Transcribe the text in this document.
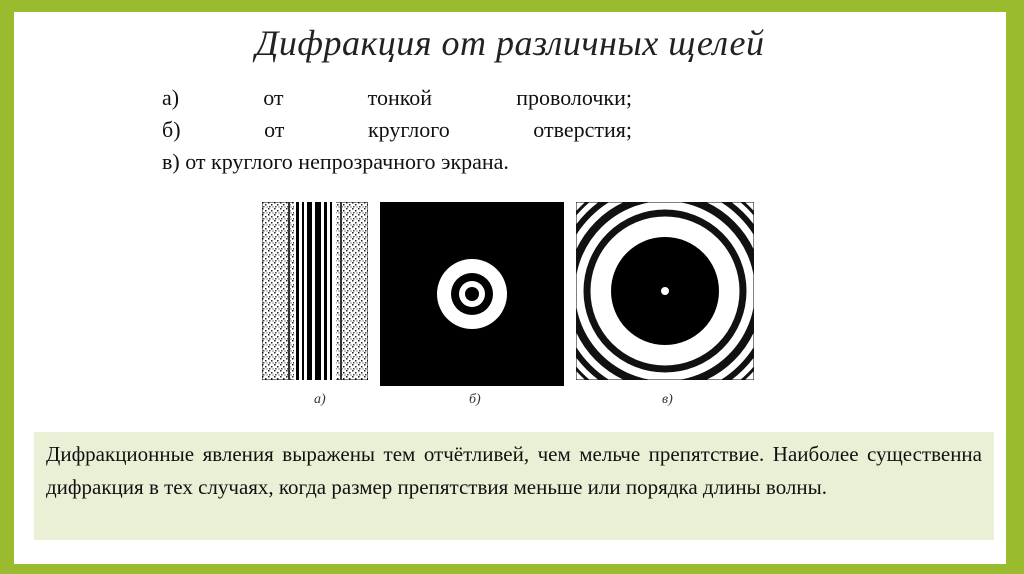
Дифракция от различных щелей
а)	от	тонкой	проволочки;
б)	от	круглого	отверстия;
в) от круглого непрозрачного экрана.
а)	б)	в)
Дифракционные явления выражены тем отчётливей, чем мельче препятствие. Наиболее существенна дифракция в тех случаях, когда размер препятствия меньше или порядка длины волны.
